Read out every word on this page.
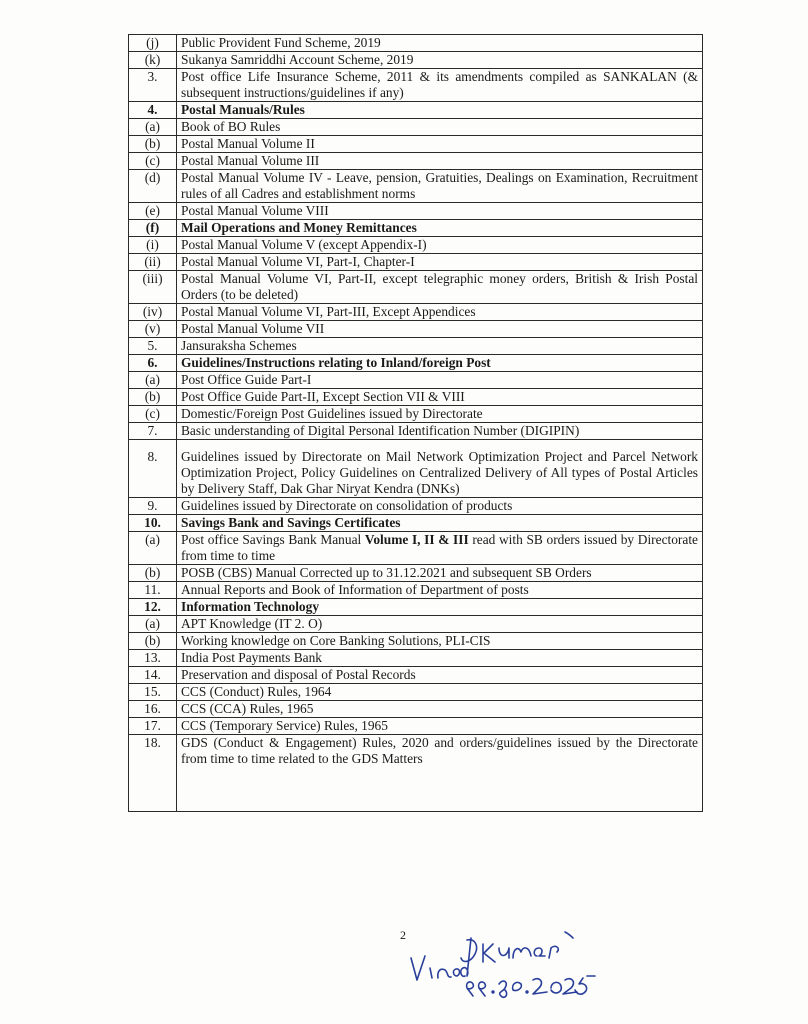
(j)	Public Provident Fund Scheme, 2019
(k)	Sukanya Samriddhi Account Scheme, 2019
3.	Post office Life Insurance Scheme, 2011 & its amendments compiled as SANKALAN (& subsequent instructions/guidelines if any)
4.	Postal Manuals/Rules
(a)	Book of BO Rules
(b)	Postal Manual Volume II
(c)	Postal Manual Volume III
(d)	Postal Manual Volume IV - Leave, pension, Gratuities, Dealings on Examination, Recruitment rules of all Cadres and establishment norms
(e)	Postal Manual Volume VIII
(f)	Mail Operations and Money Remittances
(i)	Postal Manual Volume V (except Appendix-I)
(ii)	Postal Manual Volume VI, Part-I, Chapter-I
(iii)	Postal Manual Volume VI, Part-II, except telegraphic money orders, British & Irish Postal Orders (to be deleted)
(iv)	Postal Manual Volume VI, Part-III, Except Appendices
(v)	Postal Manual Volume VII
5.	Jansuraksha Schemes
6.	Guidelines/Instructions relating to Inland/foreign Post
(a)	Post Office Guide Part-I
(b)	Post Office Guide Part-II, Except Section VII & VIII
(c)	Domestic/Foreign Post Guidelines issued by Directorate
7.	Basic understanding of Digital Personal Identification Number (DIGIPIN)
8.	Guidelines issued by Directorate on Mail Network Optimization Project and Parcel Network Optimization Project, Policy Guidelines on Centralized Delivery of All types of Postal Articles by Delivery Staff, Dak Ghar Niryat Kendra (DNKs)
9.	Guidelines issued by Directorate on consolidation of products
10.	Savings Bank and Savings Certificates
(a)	Post office Savings Bank Manual Volume I, II & III read with SB orders issued by Directorate from time to time
(b)	POSB (CBS) Manual Corrected up to 31.12.2021 and subsequent SB Orders
11.	Annual Reports and Book of Information of Department of posts
12.	Information Technology
(a)	APT Knowledge (IT 2. O)
(b)	Working knowledge on Core Banking Solutions, PLI-CIS
13.	India Post Payments Bank
14.	Preservation and disposal of Postal Records
15.	CCS (Conduct) Rules, 1964
16.	CCS (CCA) Rules, 1965
17.	CCS (Temporary Service) Rules, 1965
18.	GDS (Conduct & Engagement) Rules, 2020 and orders/guidelines issued by the Directorate from time to time related to the GDS Matters
2
